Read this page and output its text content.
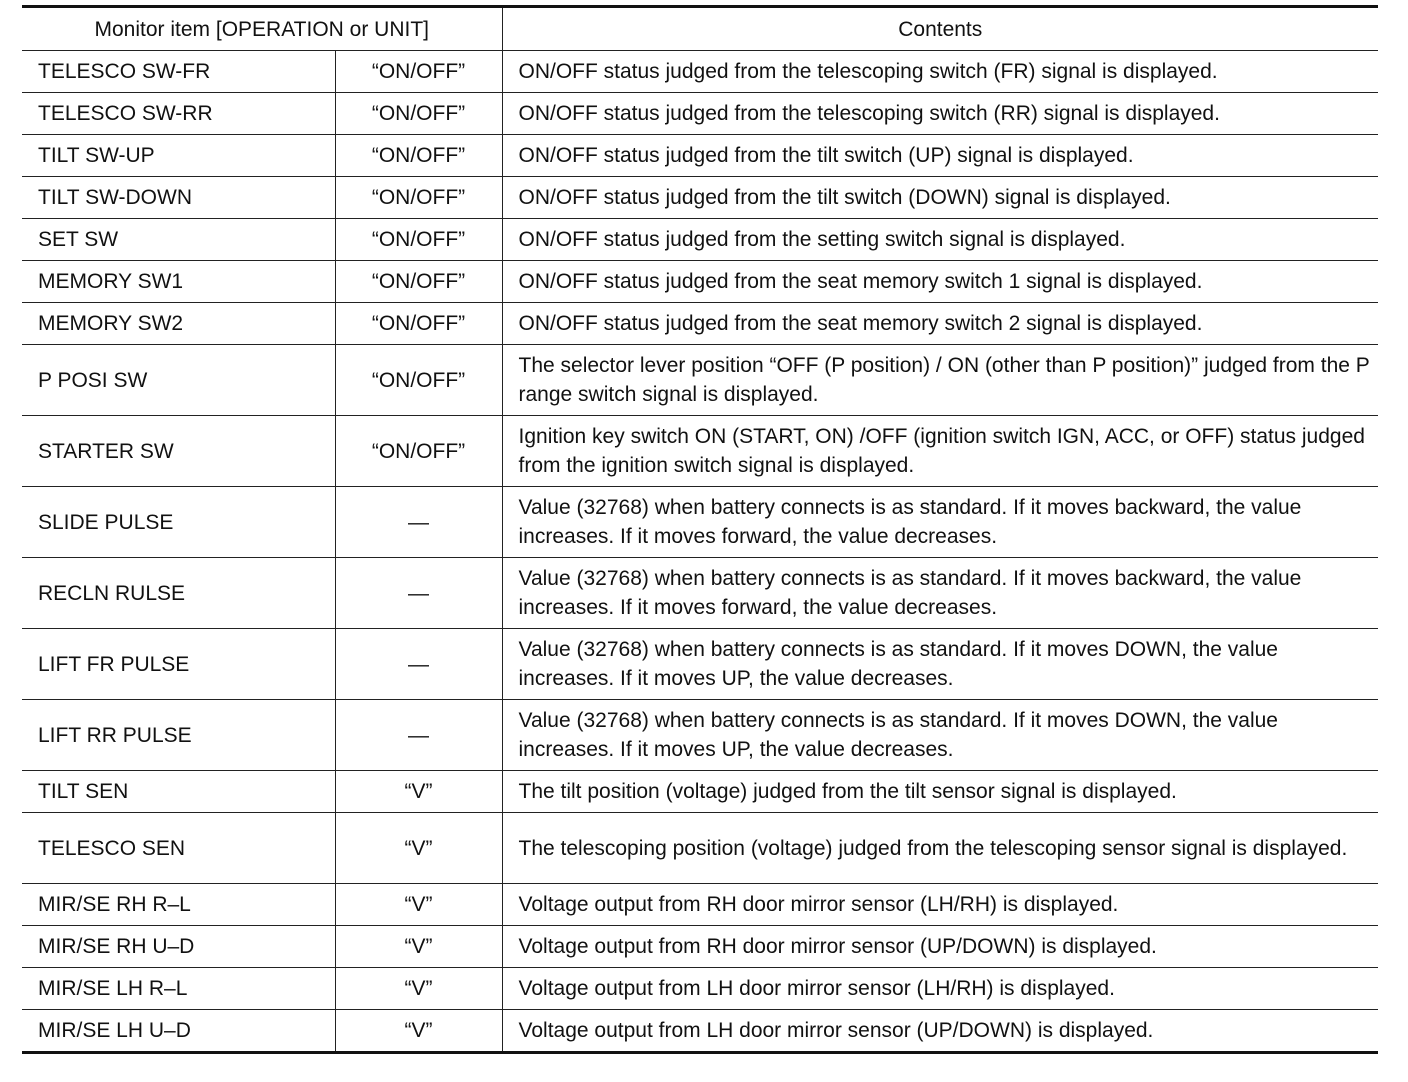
Monitor item [OPERATION or UNIT]		Contents
TELESCO SW-FR	“ON/OFF”	ON/OFF status judged from the telescoping switch (FR) signal is displayed.
TELESCO SW-RR	“ON/OFF”	ON/OFF status judged from the telescoping switch (RR) signal is displayed.
TILT SW-UP	“ON/OFF”	ON/OFF status judged from the tilt switch (UP) signal is displayed.
TILT SW-DOWN	“ON/OFF”	ON/OFF status judged from the tilt switch (DOWN) signal is displayed.
SET SW	“ON/OFF”	ON/OFF status judged from the setting switch signal is displayed.
MEMORY SW1	“ON/OFF”	ON/OFF status judged from the seat memory switch 1 signal is displayed.
MEMORY SW2	“ON/OFF”	ON/OFF status judged from the seat memory switch 2 signal is displayed.
P POSI SW	“ON/OFF”	The selector lever position “OFF (P position) / ON (other than P position)” judged from the P range switch signal is displayed.
STARTER SW	“ON/OFF”	Ignition key switch ON (START, ON) /OFF (ignition switch IGN, ACC, or OFF) status judged from the ignition switch signal is displayed.
SLIDE PULSE	—	Value (32768) when battery connects is as standard. If it moves backward, the value increases. If it moves forward, the value decreases.
RECLN RULSE	—	Value (32768) when battery connects is as standard. If it moves backward, the value increases. If it moves forward, the value decreases.
LIFT FR PULSE	—	Value (32768) when battery connects is as standard. If it moves DOWN, the value increases. If it moves UP, the value decreases.
LIFT RR PULSE	—	Value (32768) when battery connects is as standard. If it moves DOWN, the value increases. If it moves UP, the value decreases.
TILT SEN	“V”	The tilt position (voltage) judged from the tilt sensor signal is displayed.
TELESCO SEN	“V”	The telescoping position (voltage) judged from the telescoping sensor signal is displayed.
MIR/SE RH R–L	“V”	Voltage output from RH door mirror sensor (LH/RH) is displayed.
MIR/SE RH U–D	“V”	Voltage output from RH door mirror sensor (UP/DOWN) is displayed.
MIR/SE LH R–L	“V”	Voltage output from LH door mirror sensor (LH/RH) is displayed.
MIR/SE LH U–D	“V”	Voltage output from LH door mirror sensor (UP/DOWN) is displayed.
